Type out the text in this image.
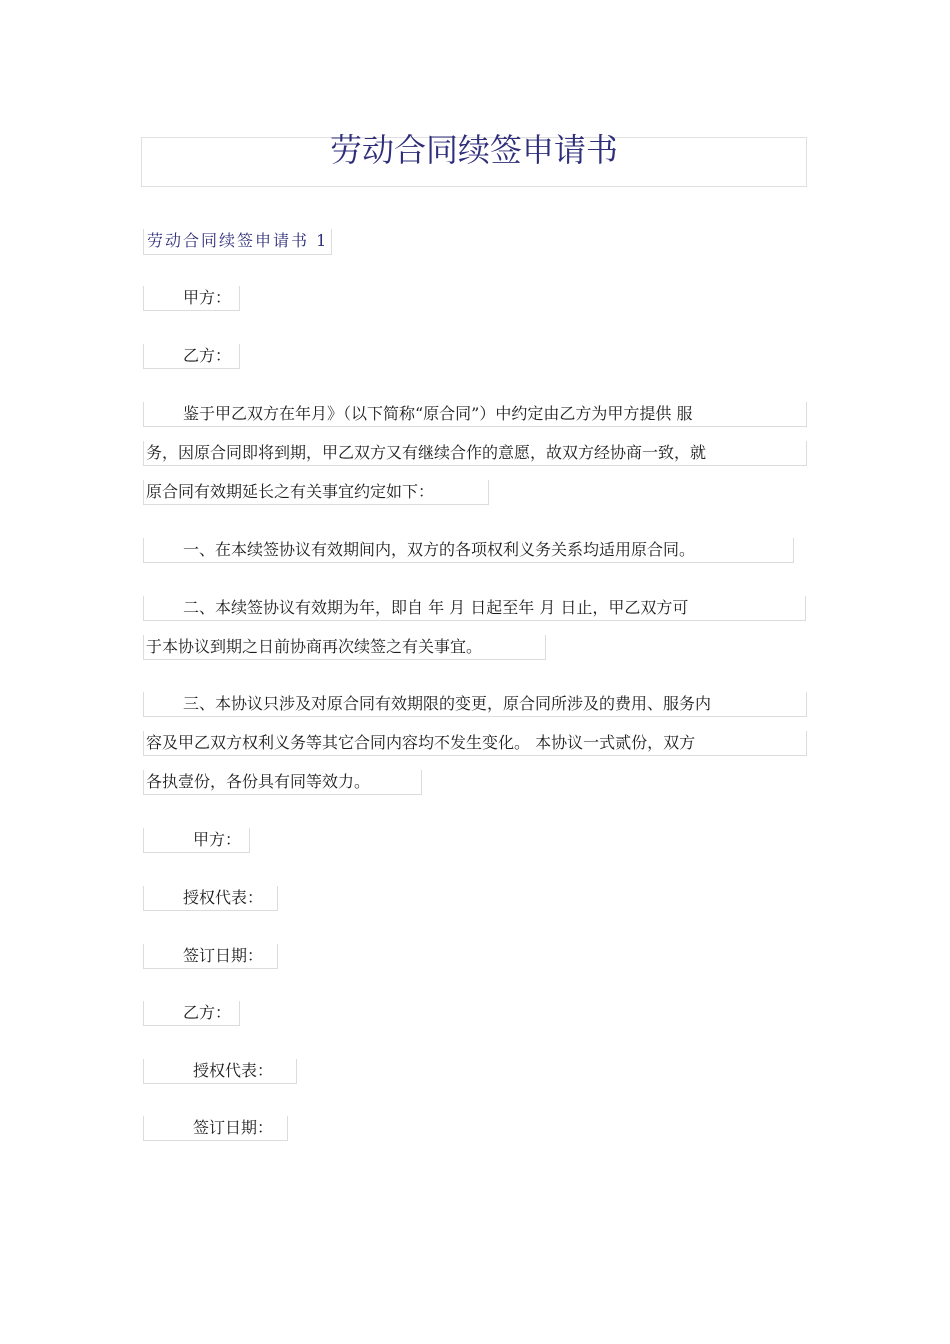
劳动合同续签申请书
劳动合同续签申请书 1
甲方：
乙方：
鉴于甲乙双方在年月》（以下简称“原合同”）中约定由乙方为甲方提供 服
务，因原合同即将到期，甲乙双方又有继续合作的意愿，故双方经协商一致，就
原合同有效期延长之有关事宜约定如下：
一、在本续签协议有效期间内，双方的各项权利义务关系均适用原合同。
二、本续签协议有效期为年，即自 年 月 日起至年 月 日止，甲乙双方可
于本协议到期之日前协商再次续签之有关事宜。
三、本协议只涉及对原合同有效期限的变更，原合同所涉及的费用、服务内
容及甲乙双方权利义务等其它合同内容均不发生变化。 本协议一式贰份，双方
各执壹份，各份具有同等效力。
甲方：
授权代表：
签订日期：
乙方：
授权代表：
签订日期：
